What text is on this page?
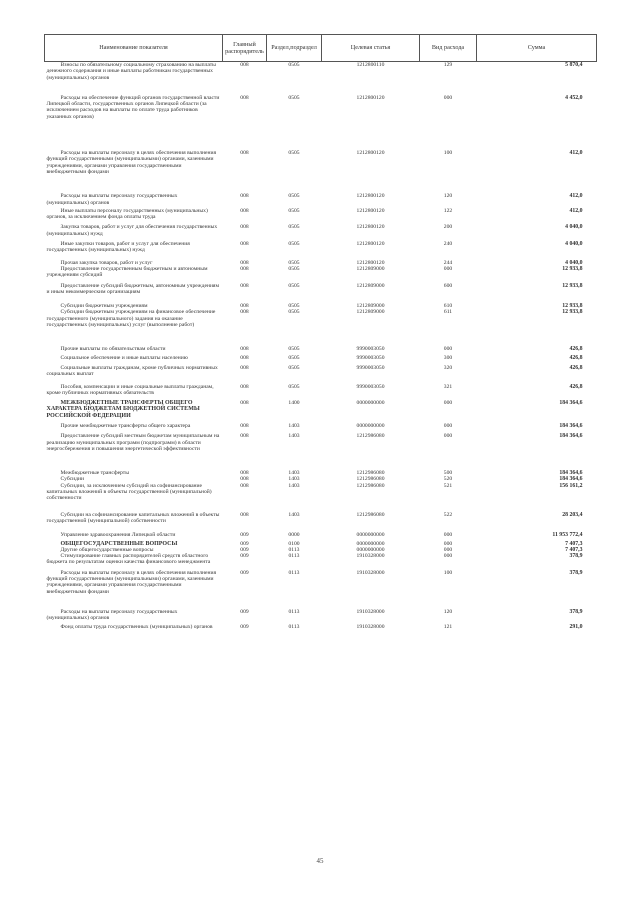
Наименование показателя	Главный распорядитель	Раздел,подраздел	Целевая статья	Вид расхода	Сумма
Взносы по обязательному социальному страхованию на выплаты денежного содержания и иные выплаты работникам государственных (муниципальных) органов	008	0505	1212800110	129	5 870,4
Расходы на обеспечение функций органов государственной власти Липецкой области, государственных органов Липецкой области (за исключением расходов на выплаты по оплате труда работников указанных органов)	008	0505	1212800120	000	4 452,0
Расходы на выплаты персоналу в целях обеспечения выполнения функций государственными (муниципальными) органами, казенными учреждениями, органами управления государственными внебюджетными фондами	008	0505	1212800120	100	412,0
Расходы на выплаты персоналу государственных (муниципальных) органов	008	0505	1212800120	120	412,0
Иные выплаты персоналу государственных (муниципальных) органов, за исключением фонда оплаты труда	008	0505	1212800120	122	412,0
Закупка товаров, работ и услуг для обеспечения государственных (муниципальных) нужд	008	0505	1212800120	200	4 040,0
Иные закупки товаров, работ и услуг для обеспечения государственных (муниципальных) нужд	008	0505	1212800120	240	4 040,0
Прочая закупка товаров, работ и услуг	008	0505	1212800120	244	4 040,0
Предоставление государственным бюджетным и автономным учреждениям субсидий	008	0505	1212809000	000	12 933,8
Предоставление субсидий бюджетным, автономным учреждениям и иным некоммерческим организациям	008	0505	1212809000	600	12 933,8
Субсидии бюджетным учреждениям	008	0505	1212809000	610	12 933,8
Субсидии бюджетным учреждениям на финансовое обеспечение государственного (муниципального) задания на оказание государственных (муниципальных) услуг (выполнение работ)	008	0505	1212809000	611	12 933,8
Прочие выплаты по обязательствам области	008	0505	9990003050	000	426,8
Социальное обеспечение и иные выплаты населению	008	0505	9990003050	300	426,8
Социальные выплаты гражданам, кроме публичных нормативных социальных выплат	008	0505	9990003050	320	426,8
Пособия, компенсации и иные социальные выплаты гражданам, кроме публичных нормативных обязательств	008	0505	9990003050	321	426,8
МЕЖБЮДЖЕТНЫЕ ТРАНСФЕРТЫ ОБЩЕГО ХАРАКТЕРА БЮДЖЕТАМ БЮДЖЕТНОЙ СИСТЕМЫ РОССИЙСКОЙ ФЕДЕРАЦИИ	008	1400	0000000000	000	184 364,6
Прочие межбюджетные трансферты общего характера	008	1403	0000000000	000	184 364,6
Предоставление субсидий местным бюджетам муниципальным на реализацию муниципальных программ (подпрограмм) в области энергосбережения и повышения энергетической эффективности	008	1403	1212986080	000	184 364,6
Межбюджетные трансферты	008	1403	1212986080	500	184 364,6
Субсидии	008	1403	1212986080	520	184 364,6
Субсидии, за исключением субсидий на софинансирование капитальных вложений в объекты государственной (муниципальной) собственности	008	1403	1212986080	521	156 161,2
Субсидии на софинансирование капитальных вложений в объекты государственной (муниципальной) собственности	008	1403	1212986080	522	28 203,4
Управление здравоохранения Липецкой области	009	0000	0000000000	000	11 953 772,4
ОБЩЕГОСУДАРСТВЕННЫЕ ВОПРОСЫ	009	0100	0000000000	000	7 407,3
Другие общегосударственные вопросы	009	0113	0000000000	000	7 407,3
Стимулирование главных распорядителей средств областного бюджета по результатам оценки качества финансового менеджмента	009	0113	1910328000	000	378,9
Расходы на выплаты персоналу в целях обеспечения выполнения функций государственными (муниципальными) органами, казенными учреждениями, органами управления государственными внебюджетными фондами	009	0113	1910328000	100	378,9
Расходы на выплаты персоналу государственных (муниципальных) органов	009	0113	1910328000	120	378,9
Фонд оплаты труда государственных (муниципальных) органов	009	0113	1910328000	121	291,0
45
